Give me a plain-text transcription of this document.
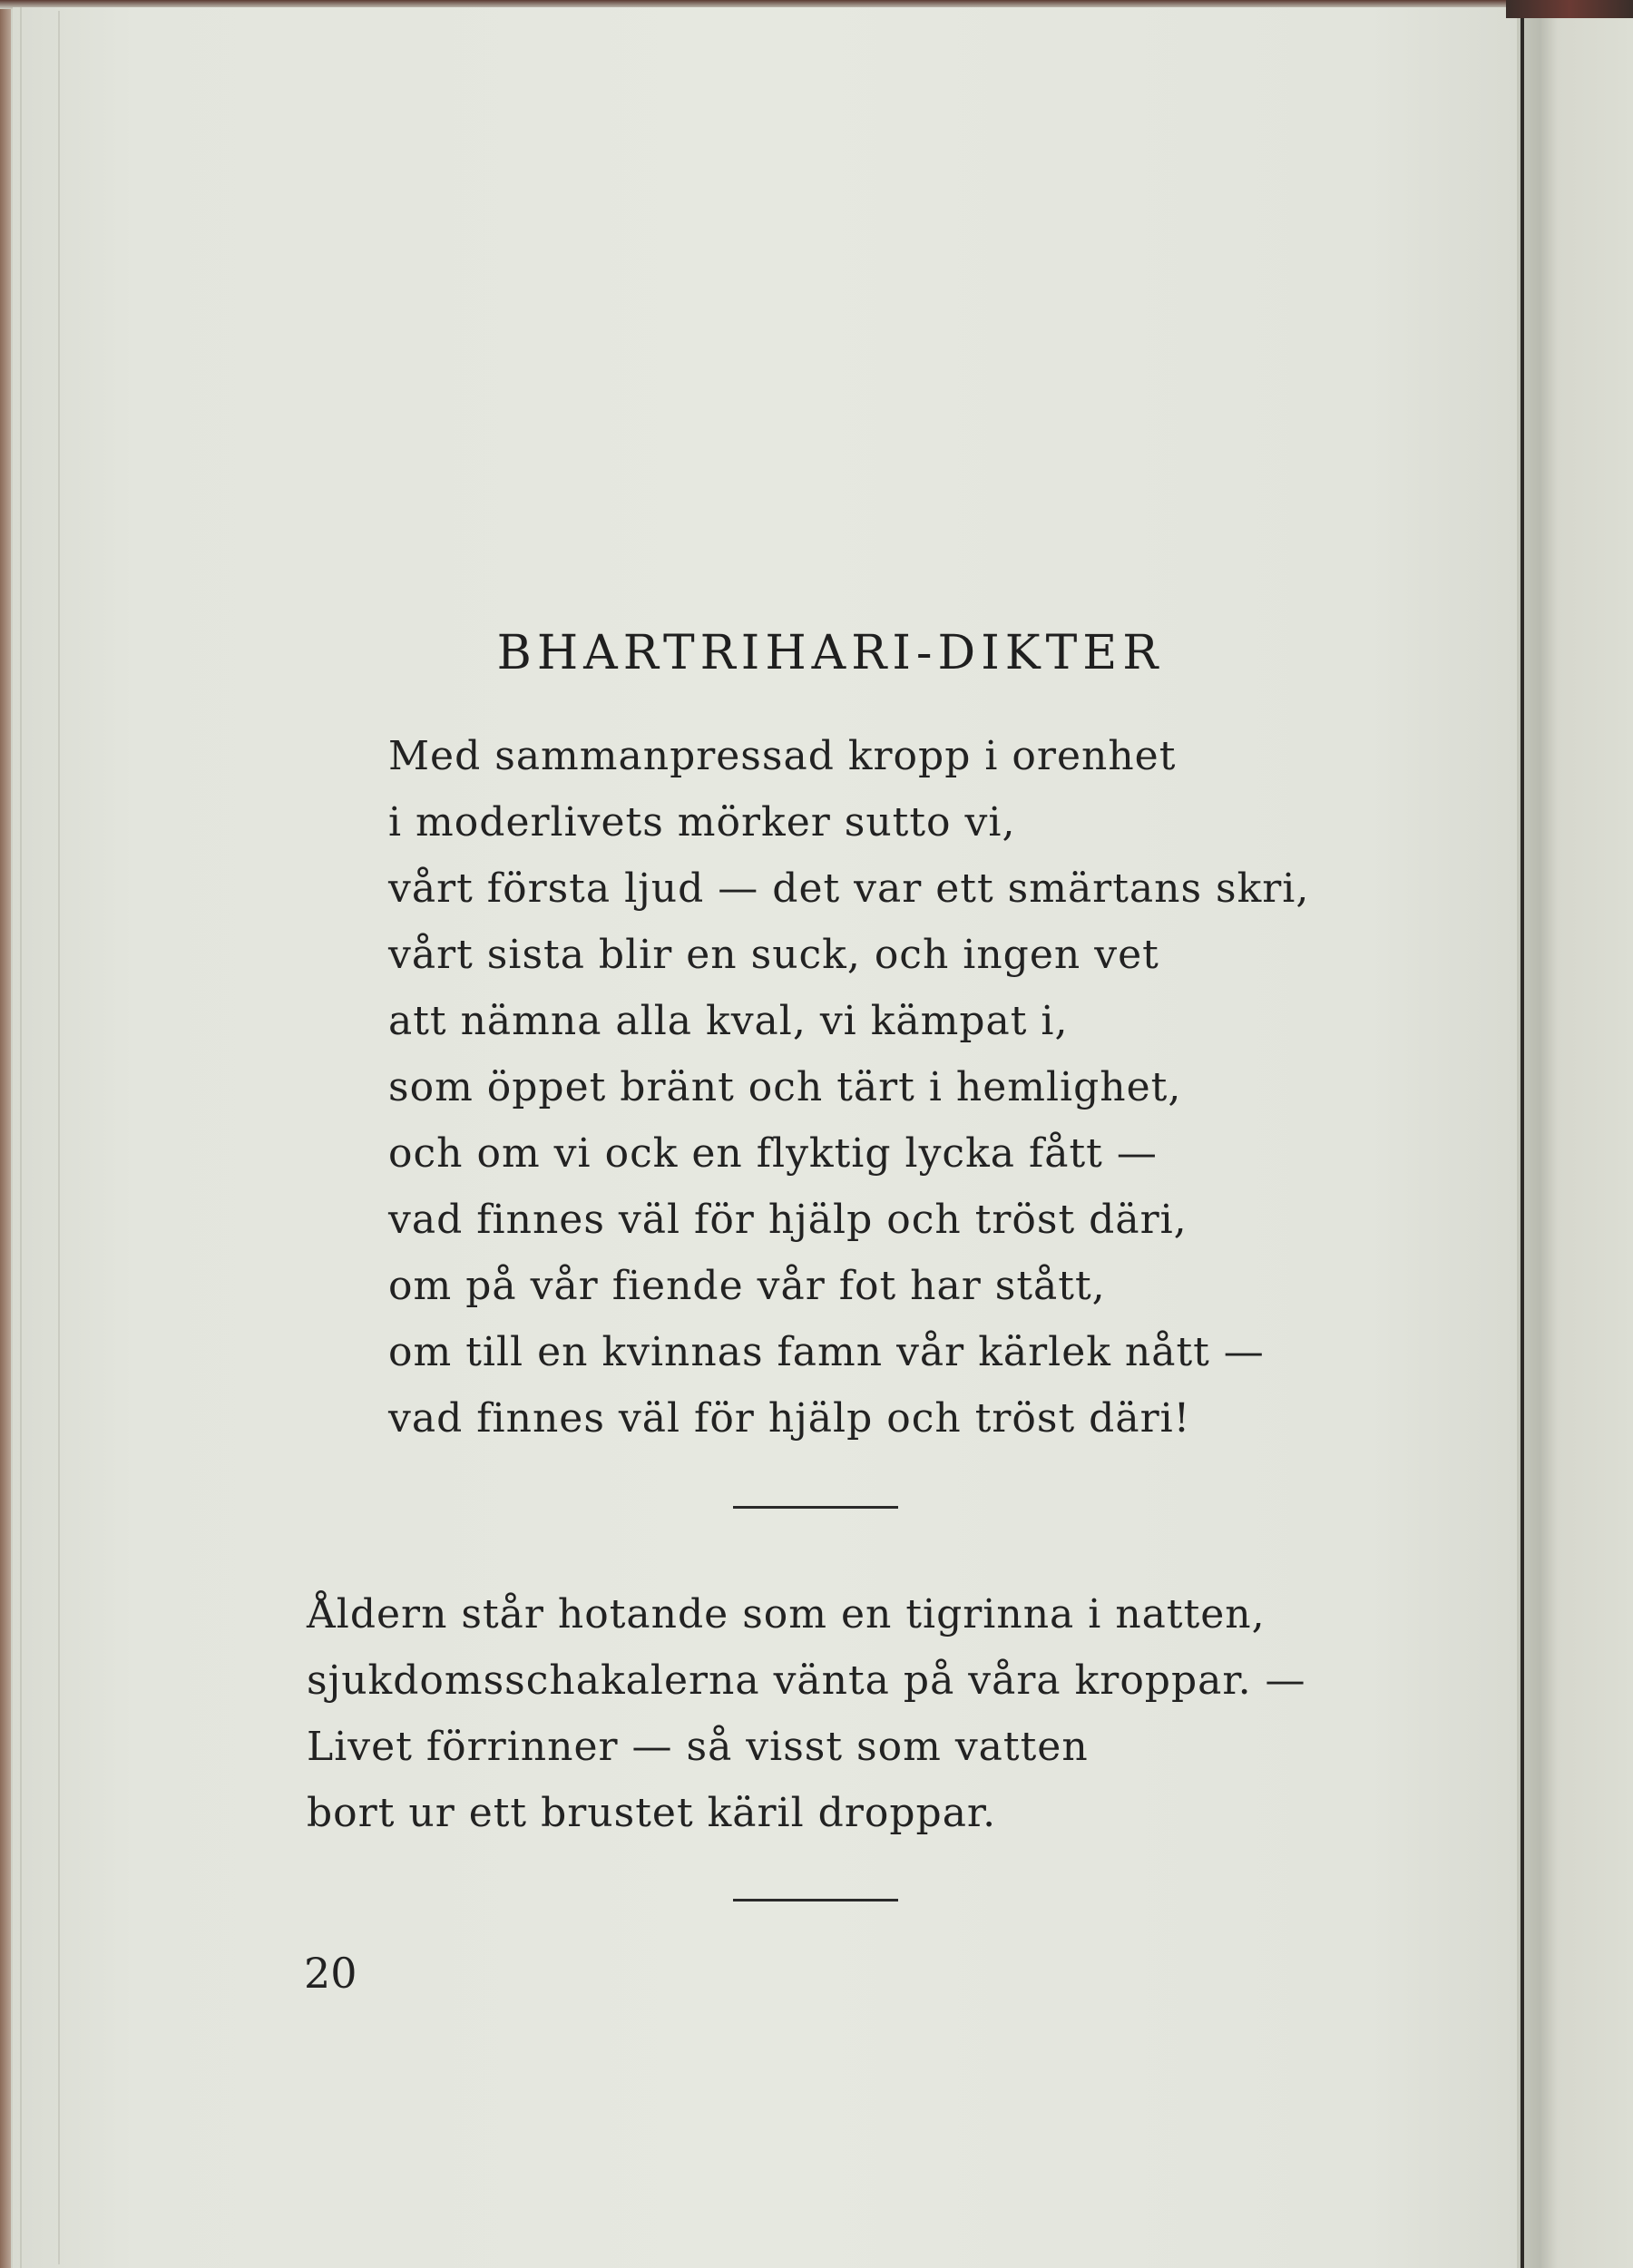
BHARTRIHARI-DIKTER
Med sammanpressad kropp i orenhet
i moderlivets mörker sutto vi,
vårt första ljud — det var ett smärtans skri,
vårt sista blir en suck, och ingen vet
att nämna alla kval, vi kämpat i,
som öppet bränt och tärt i hemlighet,
och om vi ock en flyktig lycka fått —
vad finnes väl för hjälp och tröst däri,
om på vår fiende vår fot har stått,
om till en kvinnas famn vår kärlek nått —
vad finnes väl för hjälp och tröst däri!
Åldern står hotande som en tigrinna i natten,
sjukdomsschakalerna vänta på våra kroppar. —
Livet förrinner — så visst som vatten
bort ur ett brustet käril droppar.
20
